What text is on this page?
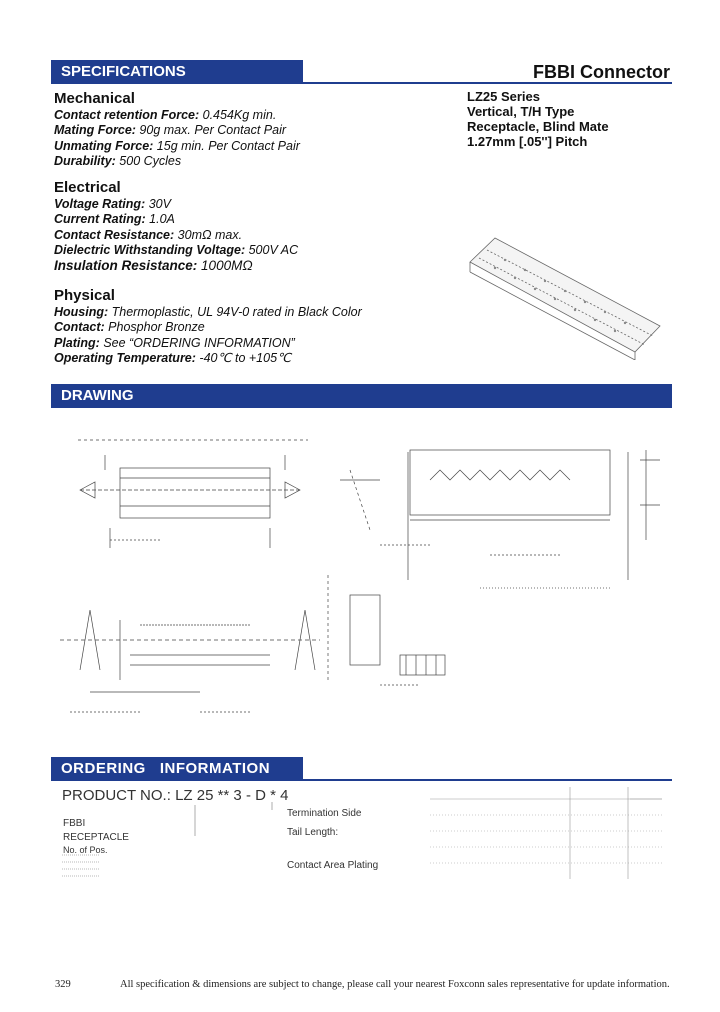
SPECIFICATIONS	FBBI Connector
LZ25 Series
Vertical, T/H Type
Receptacle, Blind Mate
1.27mm [.05''] Pitch
Mechanical
Contact retention Force: 0.454Kg min.
Mating Force: 90g max. Per Contact Pair
Unmating Force: 15g min. Per Contact Pair
Durability: 500 Cycles
Electrical
Voltage Rating: 30V
Current Rating: 1.0A
Contact Resistance: 30mΩ max.
Dielectric Withstanding Voltage: 500V AC
Insulation Resistance: 1000MΩ
Physical
Housing: Thermoplastic, UL 94V-0 rated in Black Color
Contact: Phosphor Bronze
Plating: See “ORDERING INFORMATION”
Operating Temperature: -40℃ to +105℃
DRAWING
ORDERING   INFORMATION
PRODUCT NO.: LZ 25 ** 3 - D * 4
FBBI
RECEPTACLE
No. of Pos.
Termination Side
Tail Length:
Contact Area Plating
329	All specification & dimensions are subject to change, please call your nearest Foxconn sales representative for update information.
